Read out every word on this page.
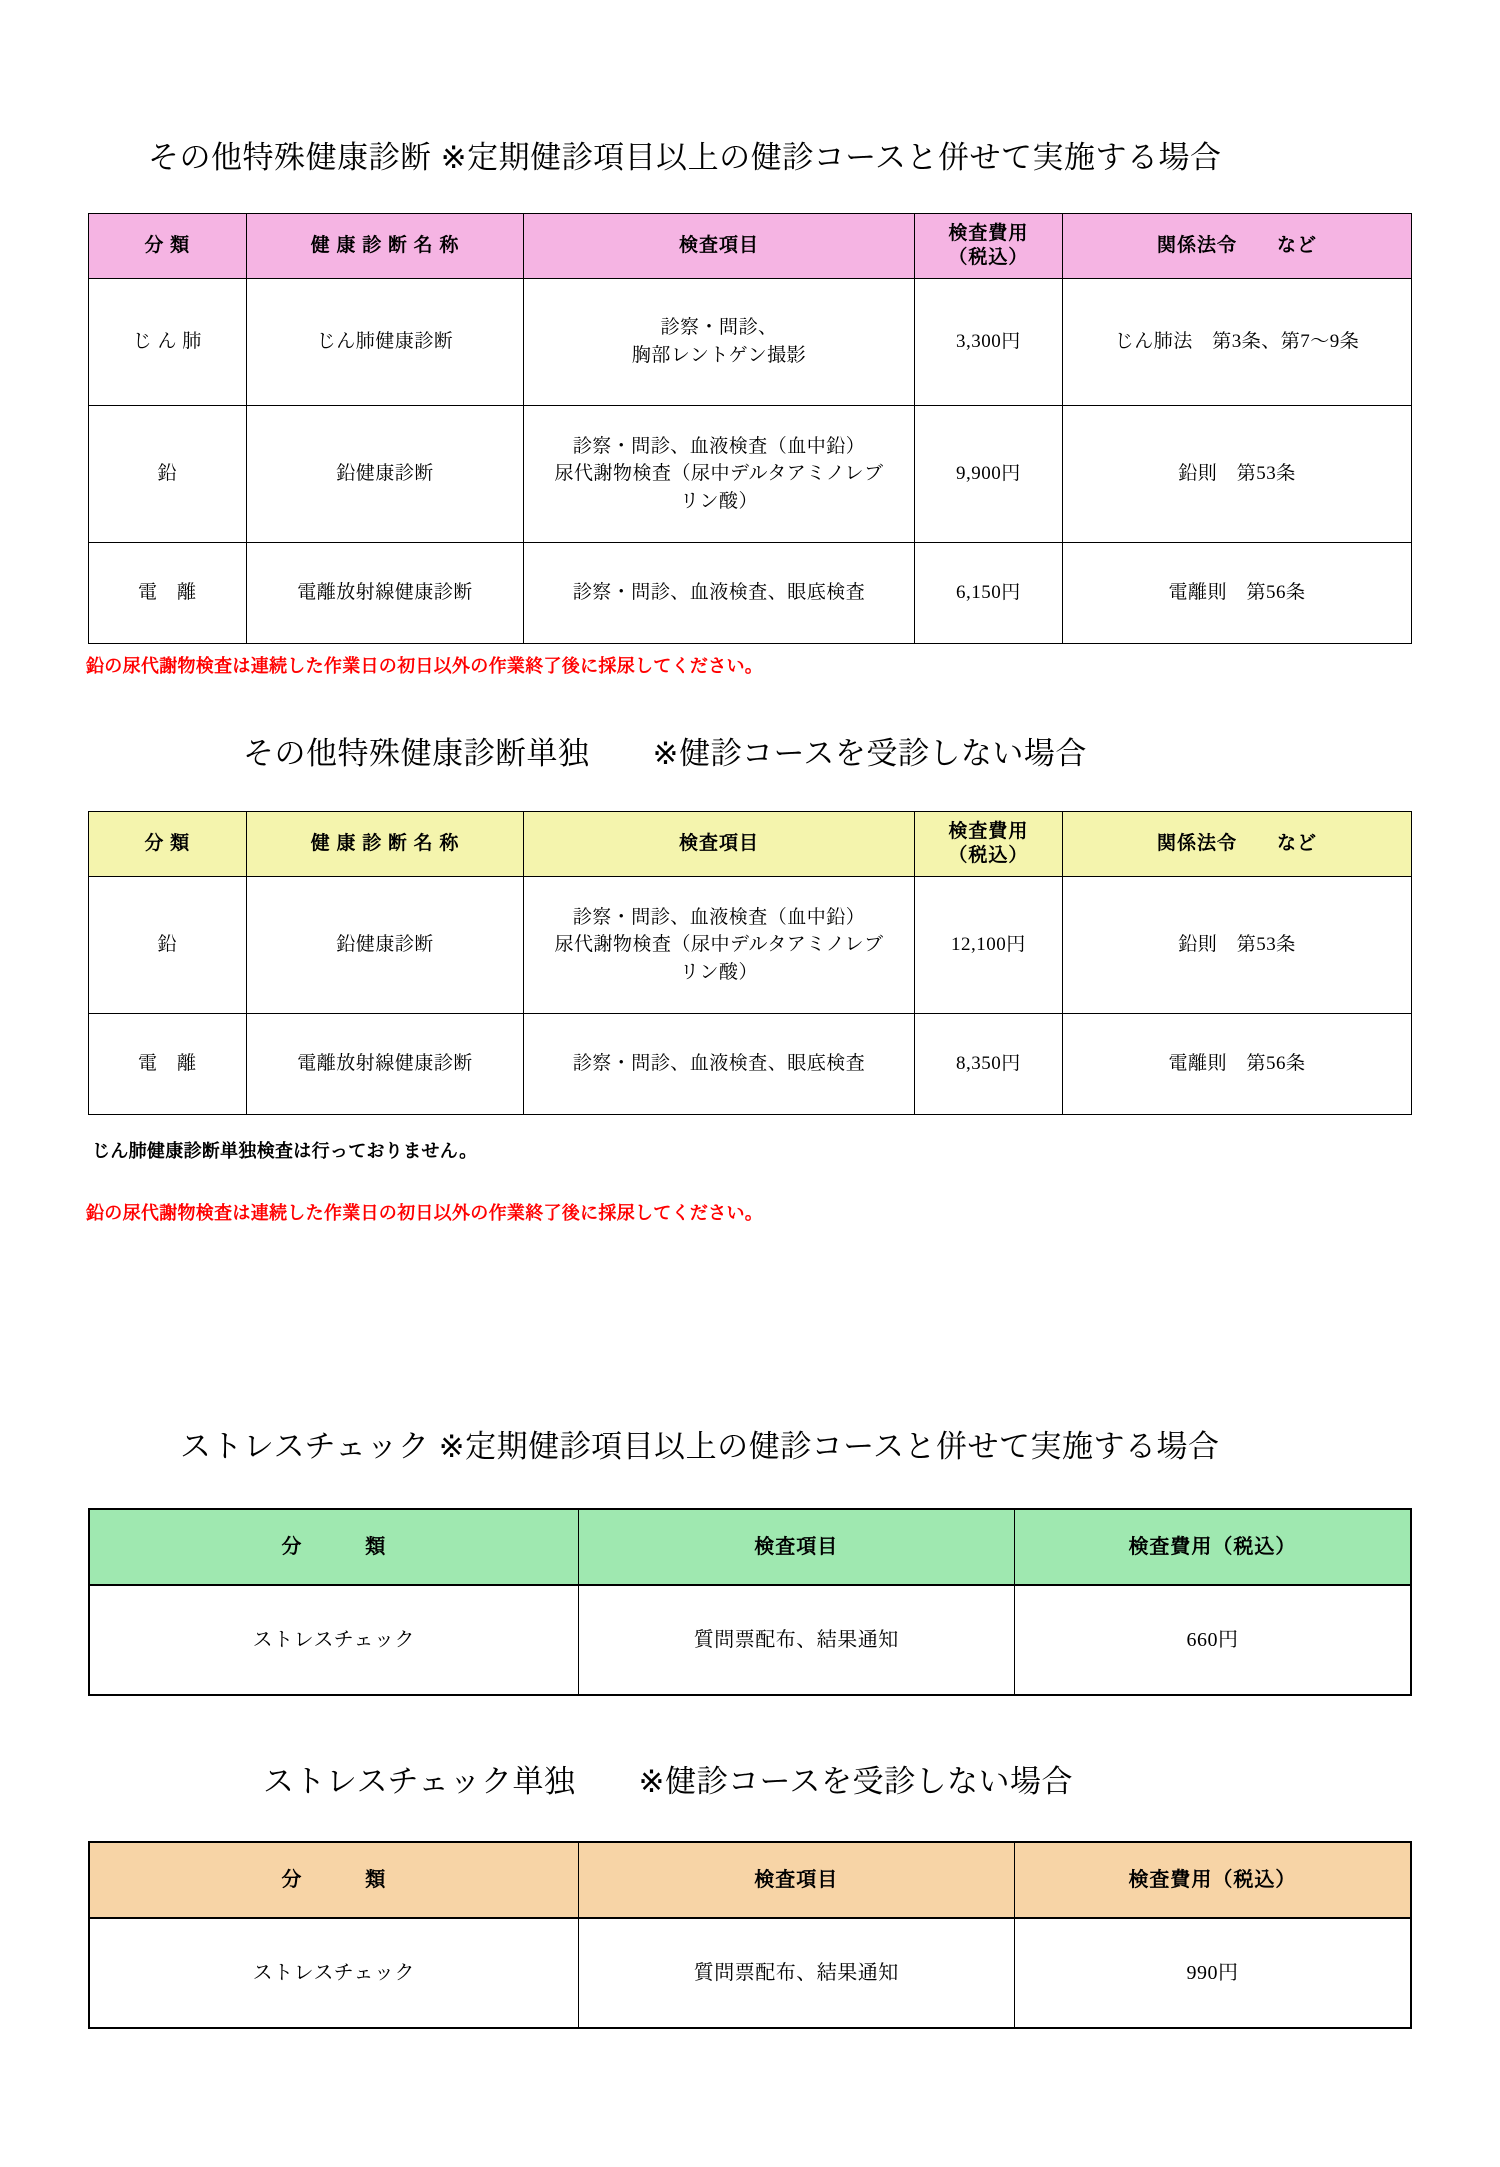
その他特殊健康診断 ※定期健診項目以上の健診コースと併せて実施する場合
分 類	健 康 診 断 名 称	検査項目	検査費用
（税込）	関係法令　　など
じ ん 肺	じん肺健康診断	診察・問診、
胸部レントゲン撮影	3,300円	じん肺法　第3条、第7～9条
鉛	鉛健康診断	診察・問診、血液検査（血中鉛）
尿代謝物検査（尿中デルタアミノレブ
リン酸）	9,900円	鉛則　第53条
電　離	電離放射線健康診断	診察・問診、血液検査、眼底検査	6,150円	電離則　第56条
鉛の尿代謝物検査は連続した作業日の初日以外の作業終了後に採尿してください。
その他特殊健康診断単独　　※健診コースを受診しない場合
分 類	健 康 診 断 名 称	検査項目	検査費用
（税込）	関係法令　　など
鉛	鉛健康診断	診察・問診、血液検査（血中鉛）
尿代謝物検査（尿中デルタアミノレブ
リン酸）	12,100円	鉛則　第53条
電　離	電離放射線健康診断	診察・問診、血液検査、眼底検査	8,350円	電離則　第56条
じん肺健康診断単独検査は行っておりません。
鉛の尿代謝物検査は連続した作業日の初日以外の作業終了後に採尿してください。
ストレスチェック ※定期健診項目以上の健診コースと併せて実施する場合
分　　　類	検査項目	検査費用（税込）
ストレスチェック	質問票配布、結果通知	660円
ストレスチェック単独　　※健診コースを受診しない場合
分　　　類	検査項目	検査費用（税込）
ストレスチェック	質問票配布、結果通知	990円
